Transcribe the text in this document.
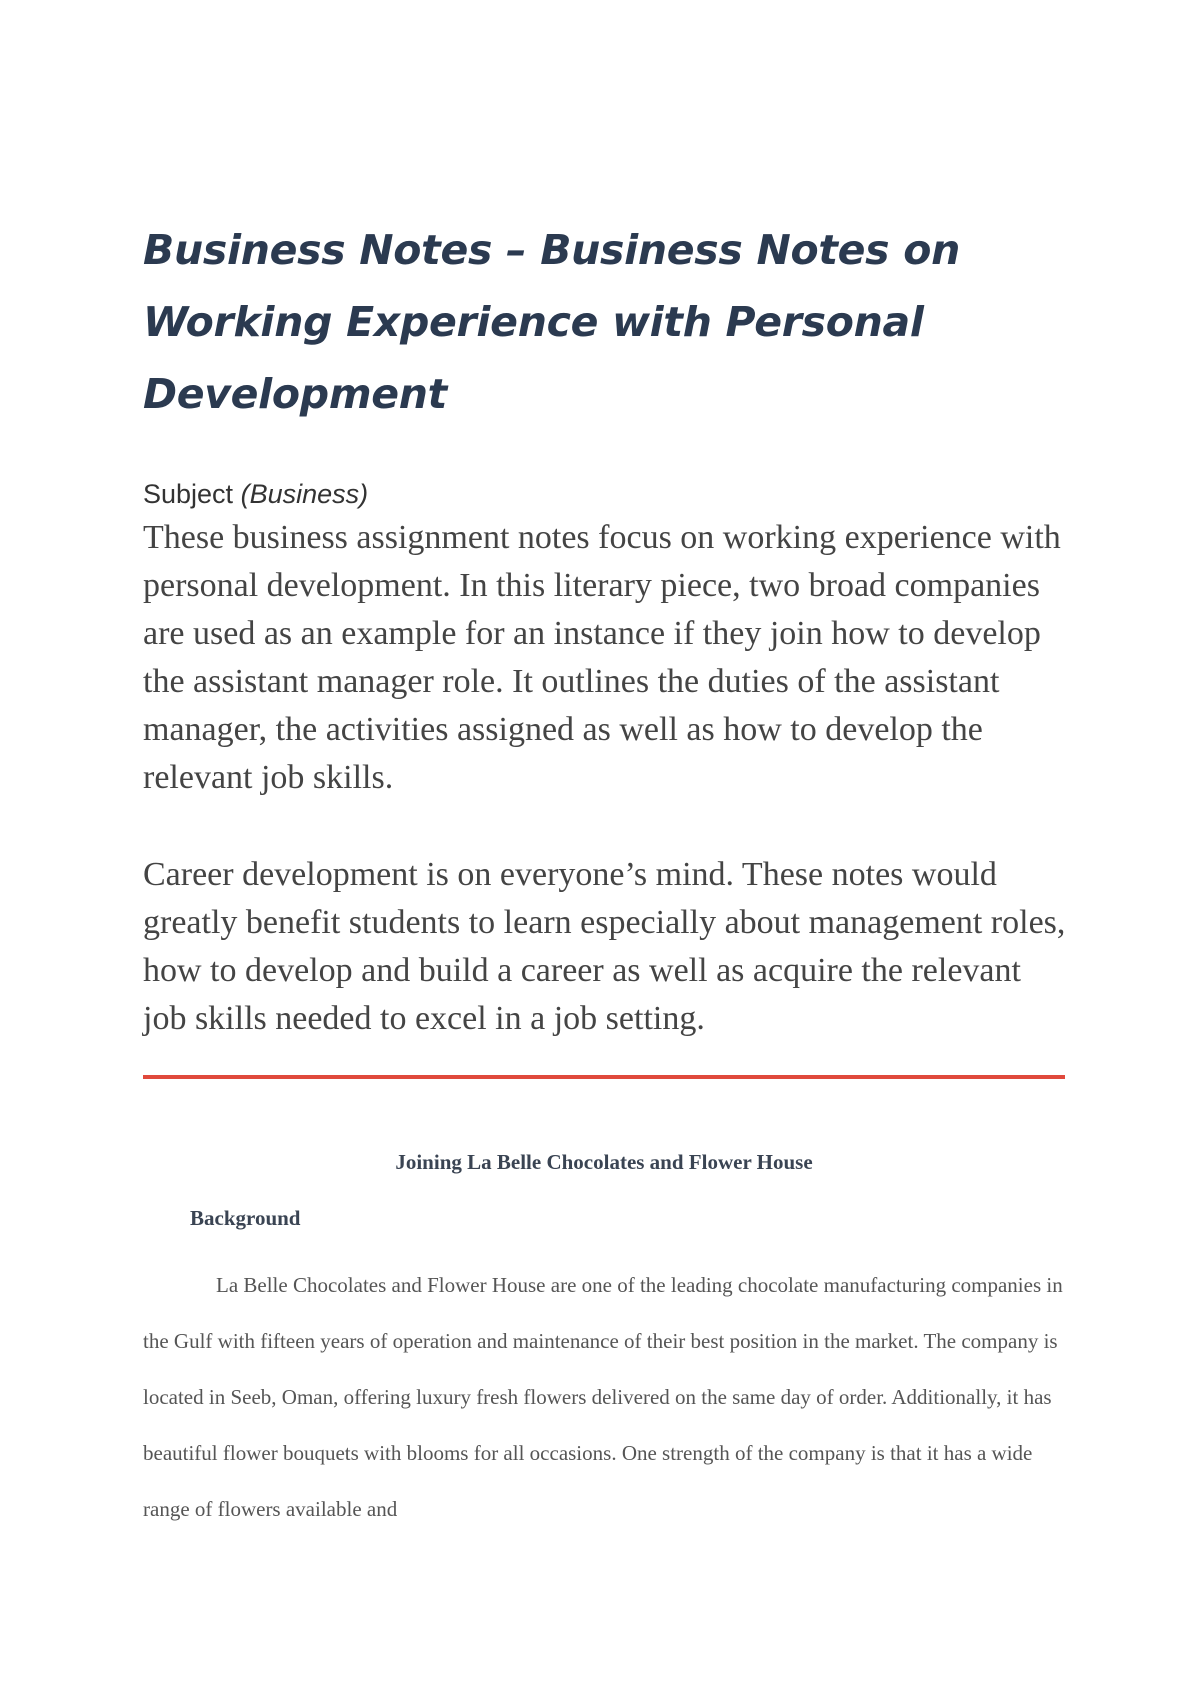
Business Notes – Business Notes on Working Experience with Personal Development

Subject (Business)

These business assignment notes focus on working experience with personal development. In this literary piece, two broad companies are used as an example for an instance if they join how to develop the assistant manager role. It outlines the duties of the assistant manager, the activities assigned as well as how to develop the relevant job skills.

Career development is on everyone’s mind. These notes would greatly benefit students to learn especially about management roles, how to develop and build a career as well as acquire the relevant job skills needed to excel in a job setting.

Joining La Belle Chocolates and Flower House
Background

La Belle Chocolates and Flower House are one of the leading chocolate manufacturing companies in the Gulf with fifteen years of operation and maintenance of their best position in the market. The company is located in Seeb, Oman, offering luxury fresh flowers delivered on the same day of order. Additionally, it has beautiful flower bouquets with blooms for all occasions. One strength of the company is that it has a wide range of flowers available and
